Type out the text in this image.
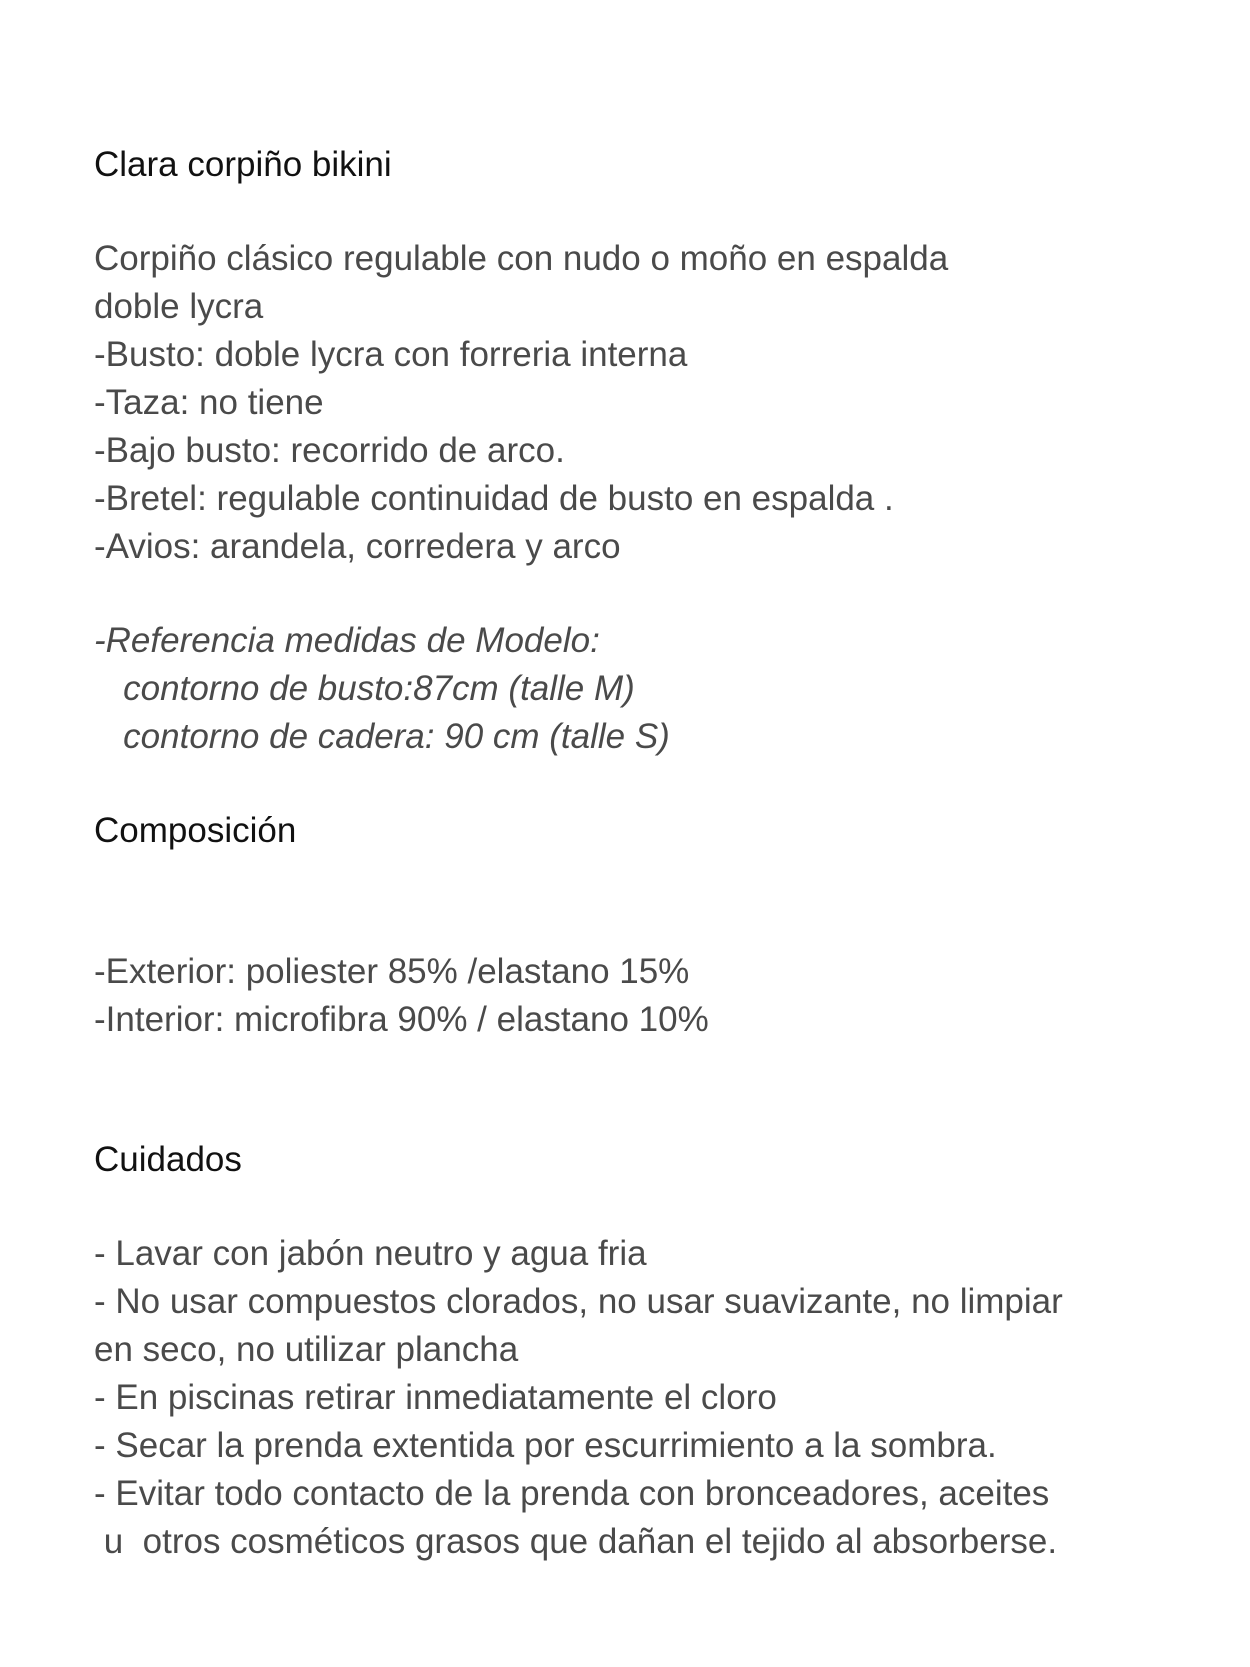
Clara corpiño bikini
Corpiño clásico regulable con nudo o moño en espalda
doble lycra
-Busto: doble lycra con forreria interna
-Taza: no tiene
-Bajo busto: recorrido de arco.
-Bretel: regulable continuidad de busto en espalda .
-Avios: arandela, corredera y arco
-Referencia medidas de Modelo:
contorno de busto:87cm (talle M)
contorno de cadera: 90 cm (talle S)
Composición
-Exterior: poliester 85% /elastano 15%
-Interior: microfibra 90% / elastano 10%
Cuidados
- Lavar con jabón neutro y agua fria
- No usar compuestos clorados, no usar suavizante, no limpiar
en seco, no utilizar plancha
- En piscinas retirar inmediatamente el cloro
- Secar la prenda extentida por escurrimiento a la sombra.
- Evitar todo contacto de la prenda con bronceadores, aceites
u  otros cosméticos grasos que dañan el tejido al absorberse.
